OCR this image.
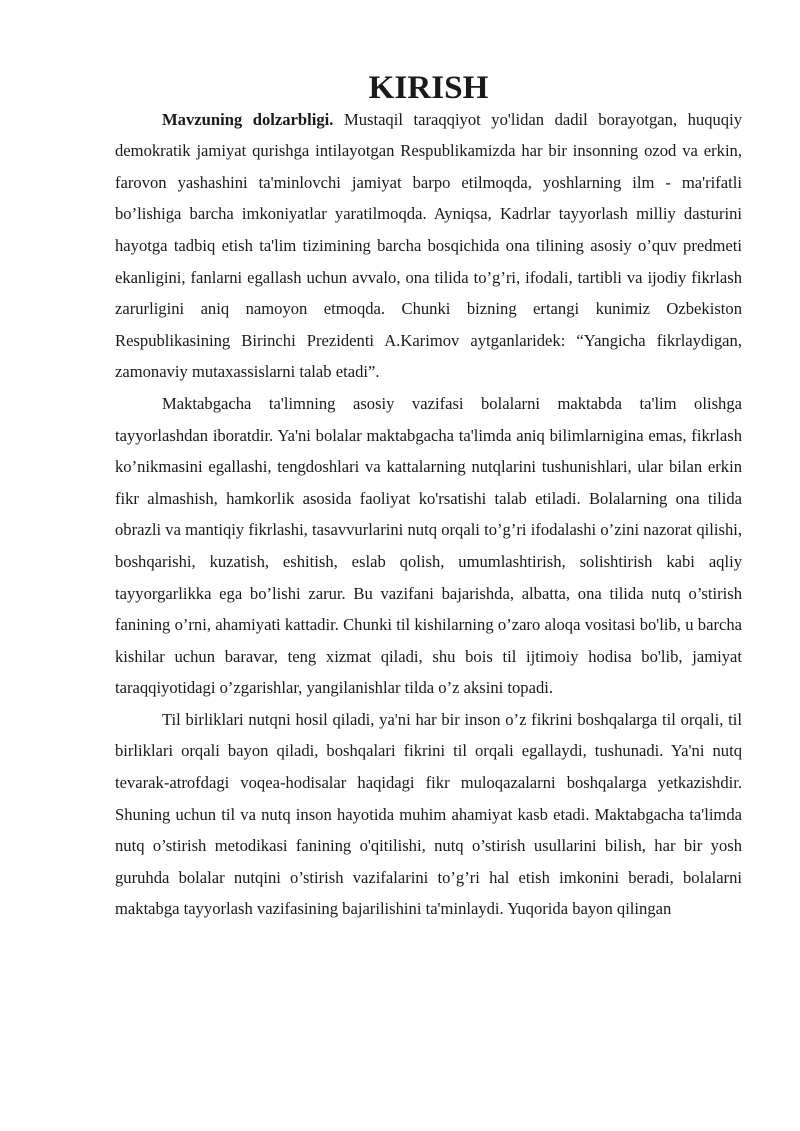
KIRISH

Mavzuning dolzarbligi. Mustaqil taraqqiyot yo'lidan dadil borayotgan, huquqiy demokratik jamiyat qurishga intilayotgan Respublikamizda har bir insonning ozod va erkin, farovon yashashini ta'minlovchi jamiyat barpo etilmoqda, yoshlarning ilm - ma'rifatli bo’lishiga barcha imkoniyatlar yaratilmoqda. Ayniqsa, Kadrlar tayyorlash milliy dasturini hayotga tadbiq etish ta'lim tizimining barcha bosqichida ona tilining asosiy o’quv predmeti ekanligini, fanlarni egallash uchun avvalo, ona tilida to’g’ri, ifodali, tartibli va ijodiy fikrlash zarurligini aniq namoyon etmoqda. Chunki bizning ertangi kunimiz Ozbekiston Respublikasining Birinchi Prezidenti A.Karimov aytganlaridek: “Yangicha fikrlaydigan, zamonaviy mutaxassislarni talab etadi”.

Maktabgacha ta'limning asosiy vazifasi bolalarni maktabda ta'lim olishga tayyorlashdan iboratdir. Ya'ni bolalar maktabgacha ta'limda aniq bilimlarnigina emas, fikrlash ko’nikmasini egallashi, tengdoshlari va kattalarning nutqlarini tushunishlari, ular bilan erkin fikr almashish, hamkorlik asosida faoliyat ko'rsatishi talab etiladi. Bolalarning ona tilida obrazli va mantiqiy fikrlashi, tasavvurlarini nutq orqali to’g’ri ifodalashi o’zini nazorat qilishi, boshqarishi, kuzatish, eshitish, eslab qolish, umumlashtirish, solishtirish kabi aqliy tayyorgarlikka ega bo’lishi zarur. Bu vazifani bajarishda, albatta, ona tilida nutq o’stirish fanining o’rni, ahamiyati kattadir. Chunki til kishilarning o’zaro aloqa vositasi bo'lib, u barcha kishilar uchun baravar, teng xizmat qiladi, shu bois til ijtimoiy hodisa bo'lib, jamiyat taraqqiyotidagi o’zgarishlar, yangilanishlar tilda o’z aksini topadi.

Til birliklari nutqni hosil qiladi, ya'ni har bir inson o’z fikrini boshqalarga til orqali, til birliklari orqali bayon qiladi, boshqalari fikrini til orqali egallaydi, tushunadi. Ya'ni nutq tevarak-atrofdagi voqea-hodisalar haqidagi fikr muloqazalarni boshqalarga yetkazishdir. Shuning uchun til va nutq inson hayotida muhim ahamiyat kasb etadi. Maktabgacha ta'limda nutq o’stirish metodikasi fanining o'qitilishi, nutq o’stirish usullarini bilish, har bir yosh guruhda bolalar nutqini o’stirish vazifalarini to’g’ri hal etish imkonini beradi, bolalarni maktabga tayyorlash vazifasining bajarilishini ta'minlaydi. Yuqorida bayon qilingan
